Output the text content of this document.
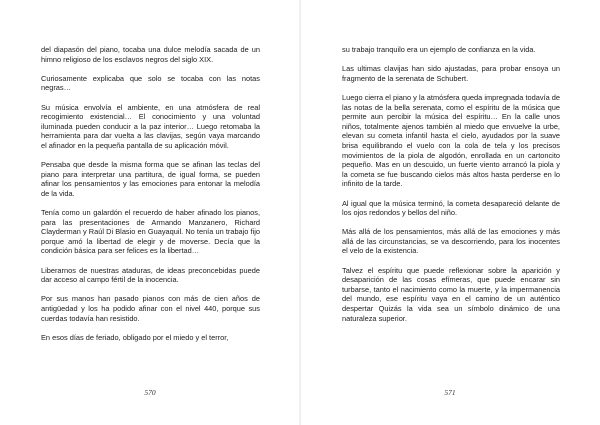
del diapasón del piano, tocaba una dulce melodía sacada de un himno religioso de los esclavos negros del siglo XIX.

Curiosamente explicaba que solo se tocaba con las notas negras…

Su música envolvía el ambiente, en una atmósfera de real recogimiento existencial… El conocimiento y una voluntad iluminada pueden conducir a la paz interior… Luego retomaba la herramienta para dar vuelta a las clavijas, según vaya marcando el afinador en la pequeña pantalla de su aplicación móvil.

Pensaba que desde la misma forma que se afinan las teclas del piano para interpretar una partitura, de igual forma, se pueden afinar los pensamientos y las emociones para entonar la melodía de la vida.

Tenía como un galardón el recuerdo de haber afinado los pianos, para las presentaciones de Armando Manzanero, Richard Clayderman y Raúl Di Blasio en Guayaquil. No tenía un trabajo fijo porque amó la libertad de elegir y de moverse. Decía que la condición básica para ser felices es la libertad…

Liberarnos de nuestras ataduras, de ideas preconcebidas puede dar acceso al campo fértil de la inocencia.

Por sus manos han pasado pianos con más de cien años de antigüedad y los ha podido afinar con el nivel 440, porque sus cuerdas todavía han resistido.

En esos días de feriado, obligado por el miedo y el terror,

570

su trabajo tranquilo era un ejemplo de confianza en la vida.

Las ultimas clavijas han sido ajustadas, para probar ensoya un fragmento de la serenata de Schubert.

Luego cierra el piano y la atmósfera queda impregnada todavía de las notas de la bella serenata, como el espíritu de la música que permite aun percibir la música del espíritu… En la calle unos niños, totalmente ajenos también al miedo que envuelve la urbe, elevan su cometa infantil hasta el cielo, ayudados por la suave brisa equilibrando el vuelo con la cola de tela y los precisos movimientos de la piola de algodón, enrollada en un cartoncito pequeño. Mas en un descuido, un fuerte viento arrancó la piola y la cometa se fue buscando cielos más altos hasta perderse en lo infinito de la tarde.

Al igual que la música terminó, la cometa desapareció delante de los ojos redondos y bellos del niño.

Más allá de los pensamientos, más allá de las emociones y más allá de las circunstancias, se va descorriendo, para los inocentes el velo de la existencia.

Talvez el espíritu que puede reflexionar sobre la aparición y desaparición de las cosas efímeras, que puede encarar sin turbarse, tanto el nacimiento como la muerte, y la impermanencia del mundo, ese espíritu vaya en el camino de un auténtico despertar Quizás la vida sea un símbolo dinámico de una naturaleza superior.

571
